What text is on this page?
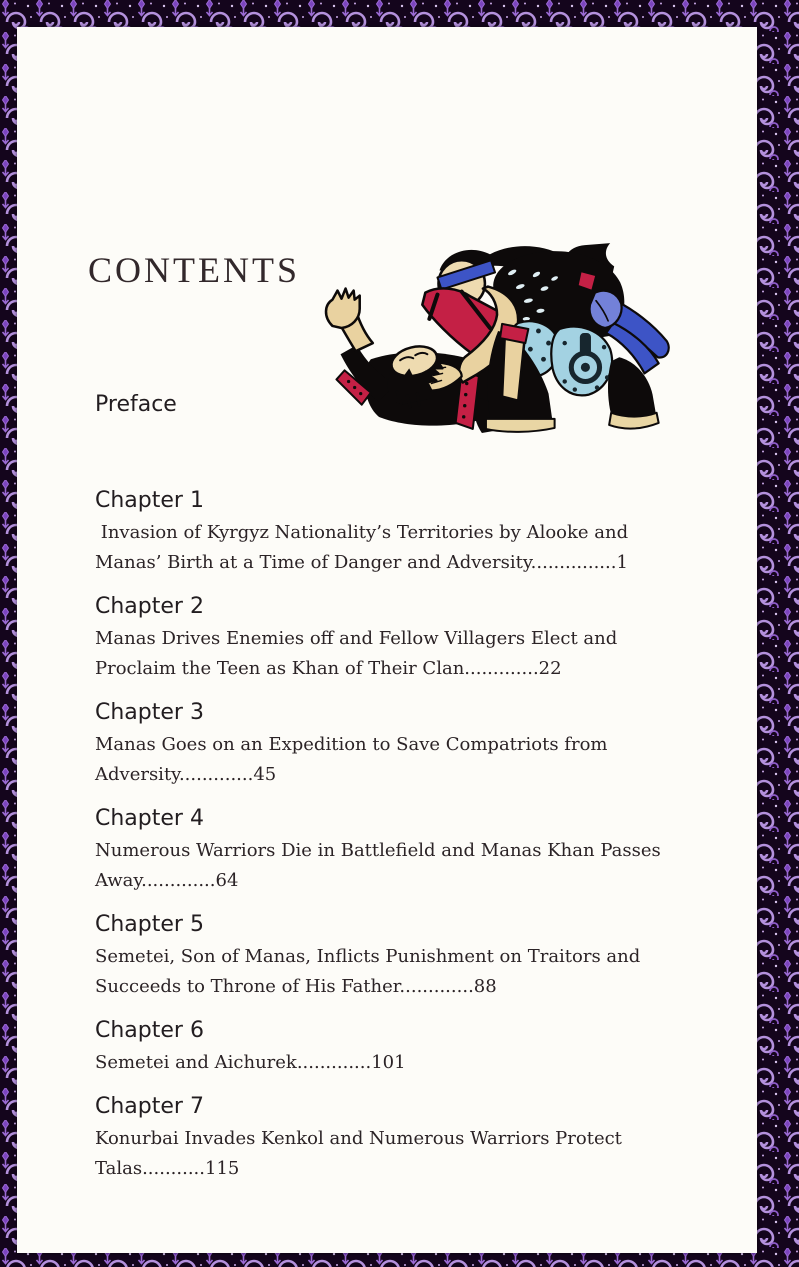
CONTENTS
Preface
Chapter 1
Invasion of Kyrgyz Nationality’s Territories by Alooke and
Manas’ Birth at a Time of Danger and Adversity...............1
Chapter 2
Manas Drives Enemies off and Fellow Villagers Elect and
Proclaim the Teen as Khan of Their Clan.............22
Chapter 3
Manas Goes on an Expedition to Save Compatriots from
Adversity.............45
Chapter 4
Numerous Warriors Die in Battlefield and Manas Khan Passes
Away.............64
Chapter 5
Semetei, Son of Manas, Inflicts Punishment on Traitors and
Succeeds to Throne of His Father.............88
Chapter 6
Semetei and Aichurek.............101
Chapter 7
Konurbai Invades Kenkol and Numerous Warriors Protect
Talas...........115
